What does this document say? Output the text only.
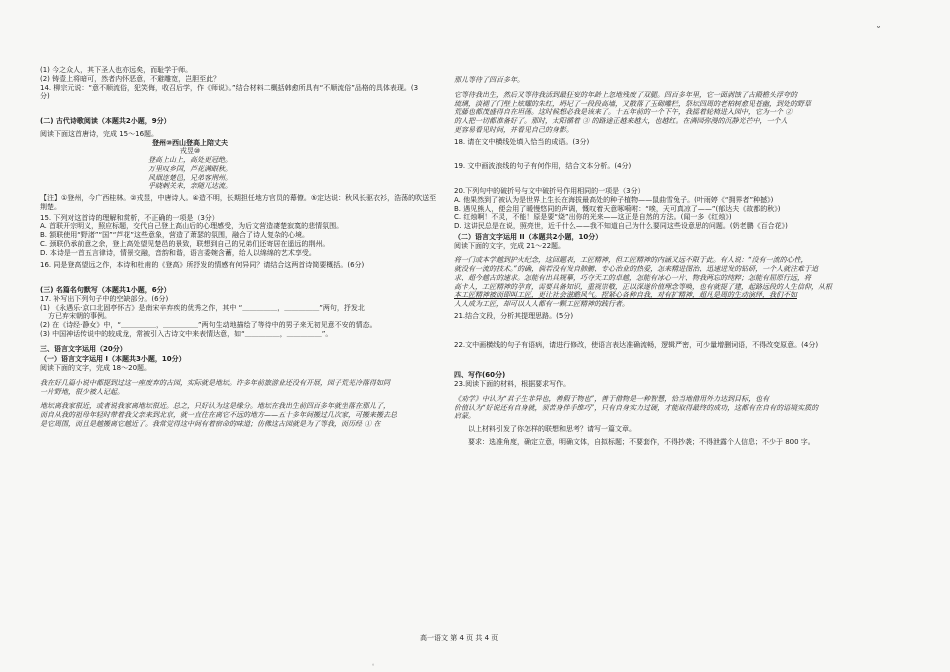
˘

(1) 今之众人，其下圣人也亦远矣，而耻学于师。

(2) 铸壹上将暗可，然者内怀恶意，不避雕宽，岂胆至此？

14. 柳宗元说：“意不顺流俗，犯笑侮，收召后学，作《师说》。”结合材料二概括韩愈所具有“不顺流俗”品格的具体表现。(3分)

(二) 古代诗歌阅读（本题共2小题，9分）

阅读下面这首唐诗，完成 15～16题。

登州⑩西山登高上陪丈夫

戎昱⑩

登高上山上，高处更冠绝。

万里叹乡国，芦花满眼秋。

风烟连楚邑，兄弟客荆州。

乎晓刺关未，亲随兀达流。

【注】①登州，今广西桂林。②戎昱，中唐诗人。④造不明，长期担任地方官员的幕僚。⑤定达说：秋风长驱衣衫，浩荡的吹送至荆楚。

15. 下列对这首诗的理解和赏析，不正确的一项是（3分）

A. 首联开宗明义，照应标题，交代自己登上高山后的心理感受，为后文营造凄楚寂寞的悲情氛围。

B. 颔联使用“野渚”“国”“芦花”这些意象，营造了萧瑟的氛围，融合了诗人复杂的心境。

C. 颈联仍承前意之余，登上高处望见楚邑的景致，联想到自己的兄弟们还寄居在遥远的荆州。

D. 本诗是一首五言律诗，情景交融，音韵和谐，语言委婉含蓄，给人以绵绵的艺术享受。

16. 同是登高望远之作，本诗和杜甫的《登高》所抒发的情感有何异同？请结合这两首诗简要概括。(6分)

(三) 名篇名句默写（本题共1小题，6分）

17. 补写出下列句子中的空缺部分。(6分)

(1) 《永遇乐·京口北固亭怀古》是南宋辛弃疾的优秀之作，其中 “＿＿＿＿＿，＿＿＿＿＿”两句，抒发北

方已弃宋朝的事例。

(2) 在《诗经·静女》中，“＿＿＿＿＿，＿＿＿＿＿”两句生动地描绘了等待中的男子来无初见意不安的情态。

(3) 中国神话传说中的较成龙，常被引入古诗文中来表情达意，如“＿＿＿＿＿，＿＿＿＿＿”。

三、语言文字运用（20分）

（一）语言文字运用 I（本题共3小题，10分）

阅读下面的文字，完成 18～20题。

我在好几篇小说中都提到过这一座废弃的古园，实际就是地坛。许多年前旅游业还没有开展，园子荒芜冷落得如同

一片野地，很少被人记起。

地坛离我家很近，或者说我家离地坛很近。总之，只好认为这是缘分。地坛在我出生前四百多年就坐落在那儿了，

而自从我的祖母年轻时带着我父亲来到北京，就一直住在离它不远的地方——五十多年间搬过几次家，可搬来搬去总

是它周围，而且是越搬离它越近了。我常觉得这中间有着宿命的味道；仿佛这古园就是为了等我，而历经 ① 在

那儿等待了四百多年。

它等待我出生，然后又等待我活到最狂妄的年龄上忽地残废了双腿。四百多年里，它一面剥蚀了古殿檐头浮夸的

琉璃，淡褪了门壁上炫耀的朱红，坍圮了一段段高墙，又散落了玉砌雕栏，祭坛四周的老柏树愈见苍幽，到处的野草

荒藤也都茂盛得自在坦荡。这时候想必我是该来了。十五年前的一个下午，我摇着轮椅进入园中，它为一个 ②

的人把一切都准备好了。那时，太阳循着 ③ 的路途正越来越大，也越红。在满园弥漫的沉静光芒中，一个人

更容易看见时间，并看见自己的身影。

18. 请在文中横线处填入恰当的成语。(3分)

19. 文中画波浪线的句子有何作用，结合文本分析。(4分)

20.下列句中的破折号与文中破折号作用相同的一项是（3分）

A. 他果然到了被认为是世界上生长在海拔最高处的种子植物——鼠曲雪兔子。(叶雨婷《“拥界者”种撼》)

B. 遇见熊人，便会用了暖慢悠同的声调，慨叹着天意啄嗬咐：“唉，天可真凉了——”(郁达夫《故都的秋》)

C. 红烛啊！不灵，不能！原是要“烧”出你的光来——这正是自然的方法。(闻一多《红烛》)

D. 这讲民总是在说，照亮世，近千什么——我不知道自己为什么要同这些设意思的问题。(奶老鹏《百合花》)

（二）语言文字运用 II（本题共2小题，10分）

阅读下面的文字，完成 21～22题。

将一门或本学越到护火纪念，这回题表，工匠精神，但工匠精神的内涵又远不限于此。有人说：“没有一流的心性，

就没有一流的技术。”的确，倘若没有发自肺腑、专心治业的热爱，怎来精进图治、迅速迸发的钻研，一个人就注难于追

求、超今越古的速求。怎能有出具规摹，巧夺天工的卓越，怎能有冰心一片、物我两忘的纯粹；怎能有屈原行远，将

高卡人，工匠精神的孕育，需要具备知识，重视崇敬，正以深遂价值理念等唤，也有就提了建，起路远段的人生信仰，从根

本工匠精神被而即叫工匠，更让社会滋瞻风气。捏紧心各种自我，对有扩精神，超凡是周的生动演绎，我们不如

人人成为工匠，却可以人人都有一颗工匠精神的践行者。

21.结合文段，分析其提理思路。(5分)

22.文中画横线的句子有语病，请进行修改，使语言表达准确流畅，逻辑严密，可少量增删词语，不得改变原意。(4分)

四、写作(60分)

23.阅读下面的材料，根据要求写作。

《劝学》中认为“君子生非异也，善假于物也”，善于借物是一种智慧，恰当地借用外力达到目标，也有

价值认为“好说还有自身就，须苦身伴手维巧”，只有自身实力过硬，才能取得最终的成功，这都有在自有的语境实质的

启蒙。

以上材料引发了你怎样的联想和思考？请写一篇文章。

要求：选准角度，确定立意，明确文体，自拟标题；不要套作，不得抄袭；不得泄露个人信息；不少于 800 字。

高一语文 第 4 页 共 4 页

。
